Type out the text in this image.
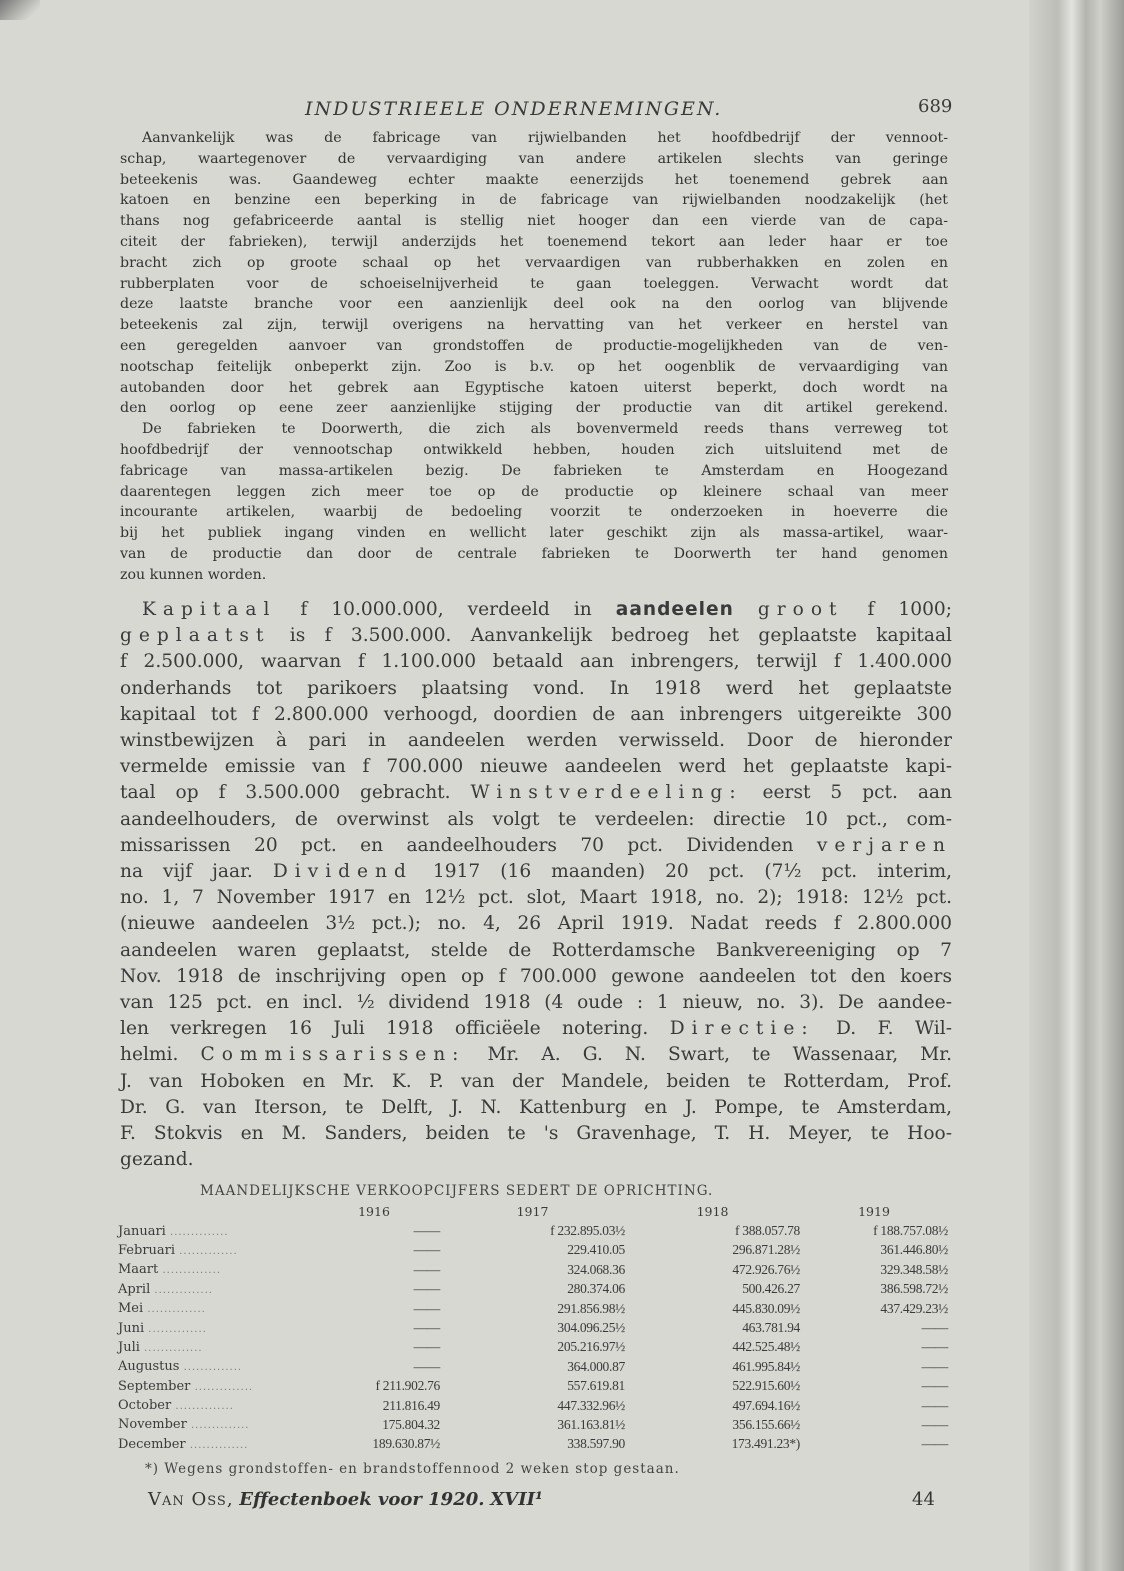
INDUSTRIEELE ONDERNEMINGEN.	689
Aanvankelijk was de fabricage van rijwielbanden het hoofdbedrijf der vennoot-
schap, waartegenover de vervaardiging van andere artikelen slechts van geringe
beteekenis was. Gaandeweg echter maakte eenerzijds het toenemend gebrek aan
katoen en benzine een beperking in de fabricage van rijwielbanden noodzakelijk (het
thans nog gefabriceerde aantal is stellig niet hooger dan een vierde van de capa-
citeit der fabrieken), terwijl anderzijds het toenemend tekort aan leder haar er toe
bracht zich op groote schaal op het vervaardigen van rubberhakken en zolen en
rubberplaten voor de schoeiselnijverheid te gaan toeleggen. Verwacht wordt dat
deze laatste branche voor een aanzienlijk deel ook na den oorlog van blijvende
beteekenis zal zijn, terwijl overigens na hervatting van het verkeer en herstel van
een geregelden aanvoer van grondstoffen de productie-mogelijkheden van de ven-
nootschap feitelijk onbeperkt zijn. Zoo is b.v. op het oogenblik de vervaardiging van
autobanden door het gebrek aan Egyptische katoen uiterst beperkt, doch wordt na
den oorlog op eene zeer aanzienlijke stijging der productie van dit artikel gerekend.
De fabrieken te Doorwerth, die zich als bovenvermeld reeds thans verreweg tot
hoofdbedrijf der vennootschap ontwikkeld hebben, houden zich uitsluitend met de
fabricage van massa-artikelen bezig. De fabrieken te Amsterdam en Hoogezand
daarentegen leggen zich meer toe op de productie op kleinere schaal van meer
incourante artikelen, waarbij de bedoeling voorzit te onderzoeken in hoeverre die
bij het publiek ingang vinden en wellicht later geschikt zijn als massa-artikel, waar-
van de productie dan door de centrale fabrieken te Doorwerth ter hand genomen
zou kunnen worden.
Kapitaal f 10.000.000, verdeeld in aandeelen groot f 1000;
geplaatst is f 3.500.000. Aanvankelijk bedroeg het geplaatste kapitaal
f 2.500.000, waarvan f 1.100.000 betaald aan inbrengers, terwijl f 1.400.000
onderhands tot parikoers plaatsing vond. In 1918 werd het geplaatste
kapitaal tot f 2.800.000 verhoogd, doordien de aan inbrengers uitgereikte 300
winstbewijzen à pari in aandeelen werden verwisseld. Door de hieronder
vermelde emissie van f 700.000 nieuwe aandeelen werd het geplaatste kapi-
taal op f 3.500.000 gebracht. Winstverdeeling: eerst 5 pct. aan
aandeelhouders, de overwinst als volgt te verdeelen: directie 10 pct., com-
missarissen 20 pct. en aandeelhouders 70 pct. Dividenden verjaren
na vijf jaar. Dividend 1917 (16 maanden) 20 pct. (7½ pct. interim,
no. 1, 7 November 1917 en 12½ pct. slot, Maart 1918, no. 2); 1918: 12½ pct.
(nieuwe aandeelen 3½ pct.); no. 4, 26 April 1919. Nadat reeds f 2.800.000
aandeelen waren geplaatst, stelde de Rotterdamsche Bankvereeniging op 7
Nov. 1918 de inschrijving open op f 700.000 gewone aandeelen tot den koers
van 125 pct. en incl. ½ dividend 1918 (4 oude : 1 nieuw, no. 3). De aandee-
len verkregen 16 Juli 1918 officiëele notering. Directie: D. F. Wil-
helmi. Commissarissen: Mr. A. G. N. Swart, te Wassenaar, Mr.
J. van Hoboken en Mr. K. P. van der Mandele, beiden te Rotterdam, Prof.
Dr. G. van Iterson, te Delft, J. N. Kattenburg en J. Pompe, te Amsterdam,
F. Stokvis en M. Sanders, beiden te 's Gravenhage, T. H. Meyer, te Hoo-
gezand.
MAANDELIJKSCHE VERKOOPCIJFERS SEDERT DE OPRICHTING.
	1916	1917	1918	1919
Januari ..............	——	f 232.895.03½	f 388.057.78	f 188.757.08½
Februari ..............	——	229.410.05	296.871.28½	361.446.80½
Maart ..............	——	324.068.36	472.926.76½	329.348.58½
April ..............	——	280.374.06	500.426.27	386.598.72½
Mei ..............	——	291.856.98½	445.830.09½	437.429.23½
Juni ..............	——	304.096.25½	463.781.94	——
Juli ..............	——	205.216.97½	442.525.48½	——
Augustus ..............	——	364.000.87	461.995.84½	——
September ..............	f 211.902.76	557.619.81	522.915.60½	——
October ..............	211.816.49	447.332.96½	497.694.16½	——
November ..............	175.804.32	361.163.81½	356.155.66½	——
December ..............	189.630.87½	338.597.90	173.491.23*)	——
*) Wegens grondstoffen- en brandstoffennood 2 weken stop gestaan.
Van Oss, Effectenboek voor 1920. XVII¹	44
